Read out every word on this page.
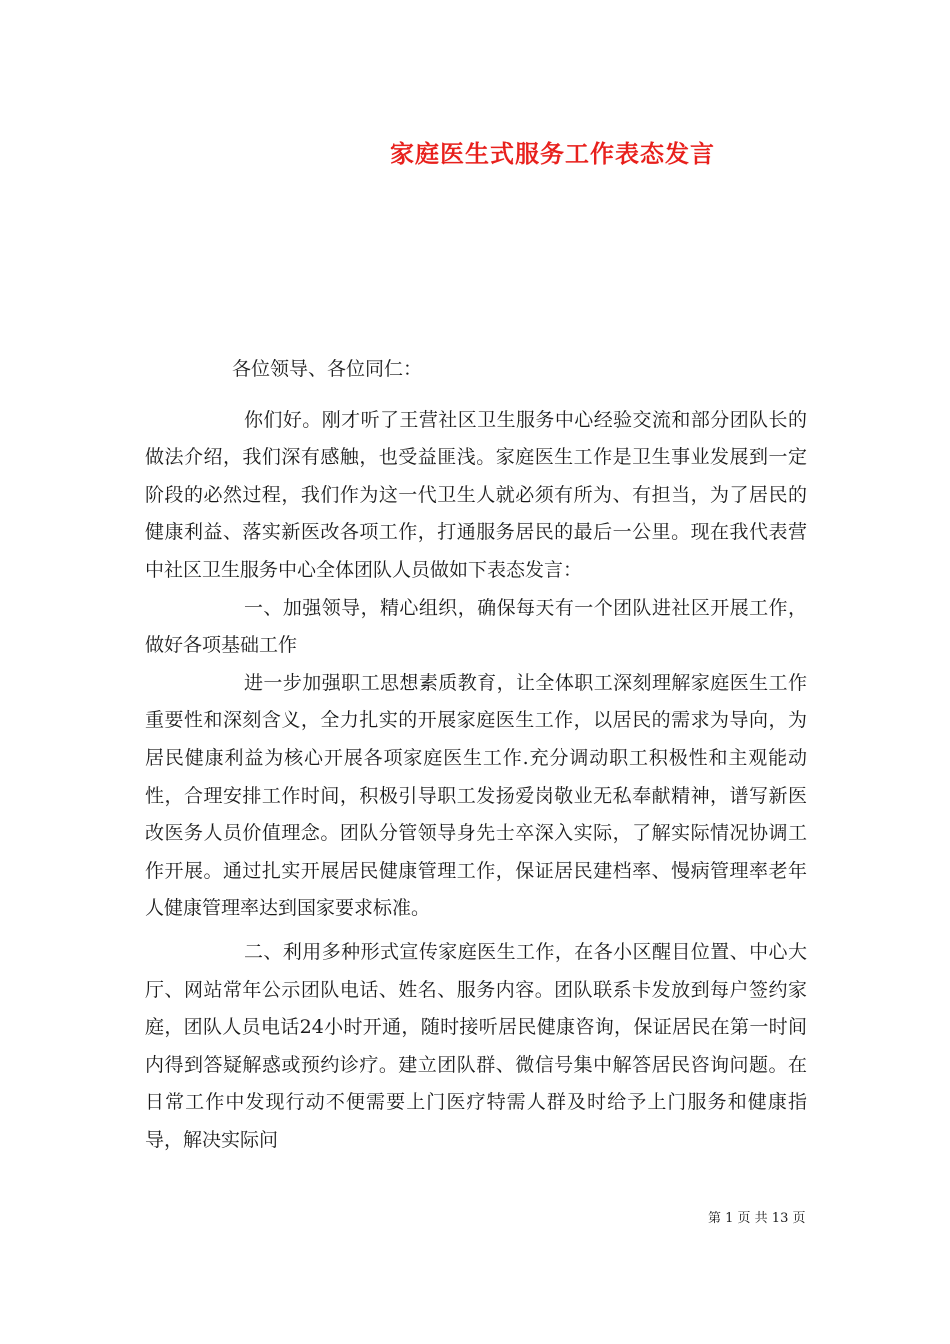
家庭医生式服务工作表态发言
各位领导、各位同仁：

你们好。刚才听了王营社区卫生服务中心经验交流和部分团队长的做法介绍，我们深有感触，也受益匪浅。家庭医生工作是卫生事业发展到一定阶段的必然过程，我们作为这一代卫生人就必须有所为、有担当，为了居民的健康利益、落实新医改各项工作，打通服务居民的最后一公里。现在我代表营中社区卫生服务中心全体团队人员做如下表态发言：

一、加强领导，精心组织，确保每天有一个团队进社区开展工作，做好各项基础工作

进一步加强职工思想素质教育，让全体职工深刻理解家庭医生工作重要性和深刻含义，全力扎实的开展家庭医生工作，以居民的需求为导向，为居民健康利益为核心开展各项家庭医生工作.充分调动职工积极性和主观能动性，合理安排工作时间，积极引导职工发扬爱岗敬业无私奉献精神，谱写新医改医务人员价值理念。团队分管领导身先士卒深入实际，了解实际情况协调工作开展。通过扎实开展居民健康管理工作，保证居民建档率、慢病管理率老年人健康管理率达到国家要求标准。

二、利用多种形式宣传家庭医生工作，在各小区醒目位置、中心大厅、网站常年公示团队电话、姓名、服务内容。团队联系卡发放到每户签约家庭，团队人员电话24小时开通，随时接听居民健康咨询，保证居民在第一时间内得到答疑解惑或预约诊疗。建立团队群、微信号集中解答居民咨询问题。在日常工作中发现行动不便需要上门医疗特需人群及时给予上门服务和健康指导，解决实际问

第 1 页 共 13 页
